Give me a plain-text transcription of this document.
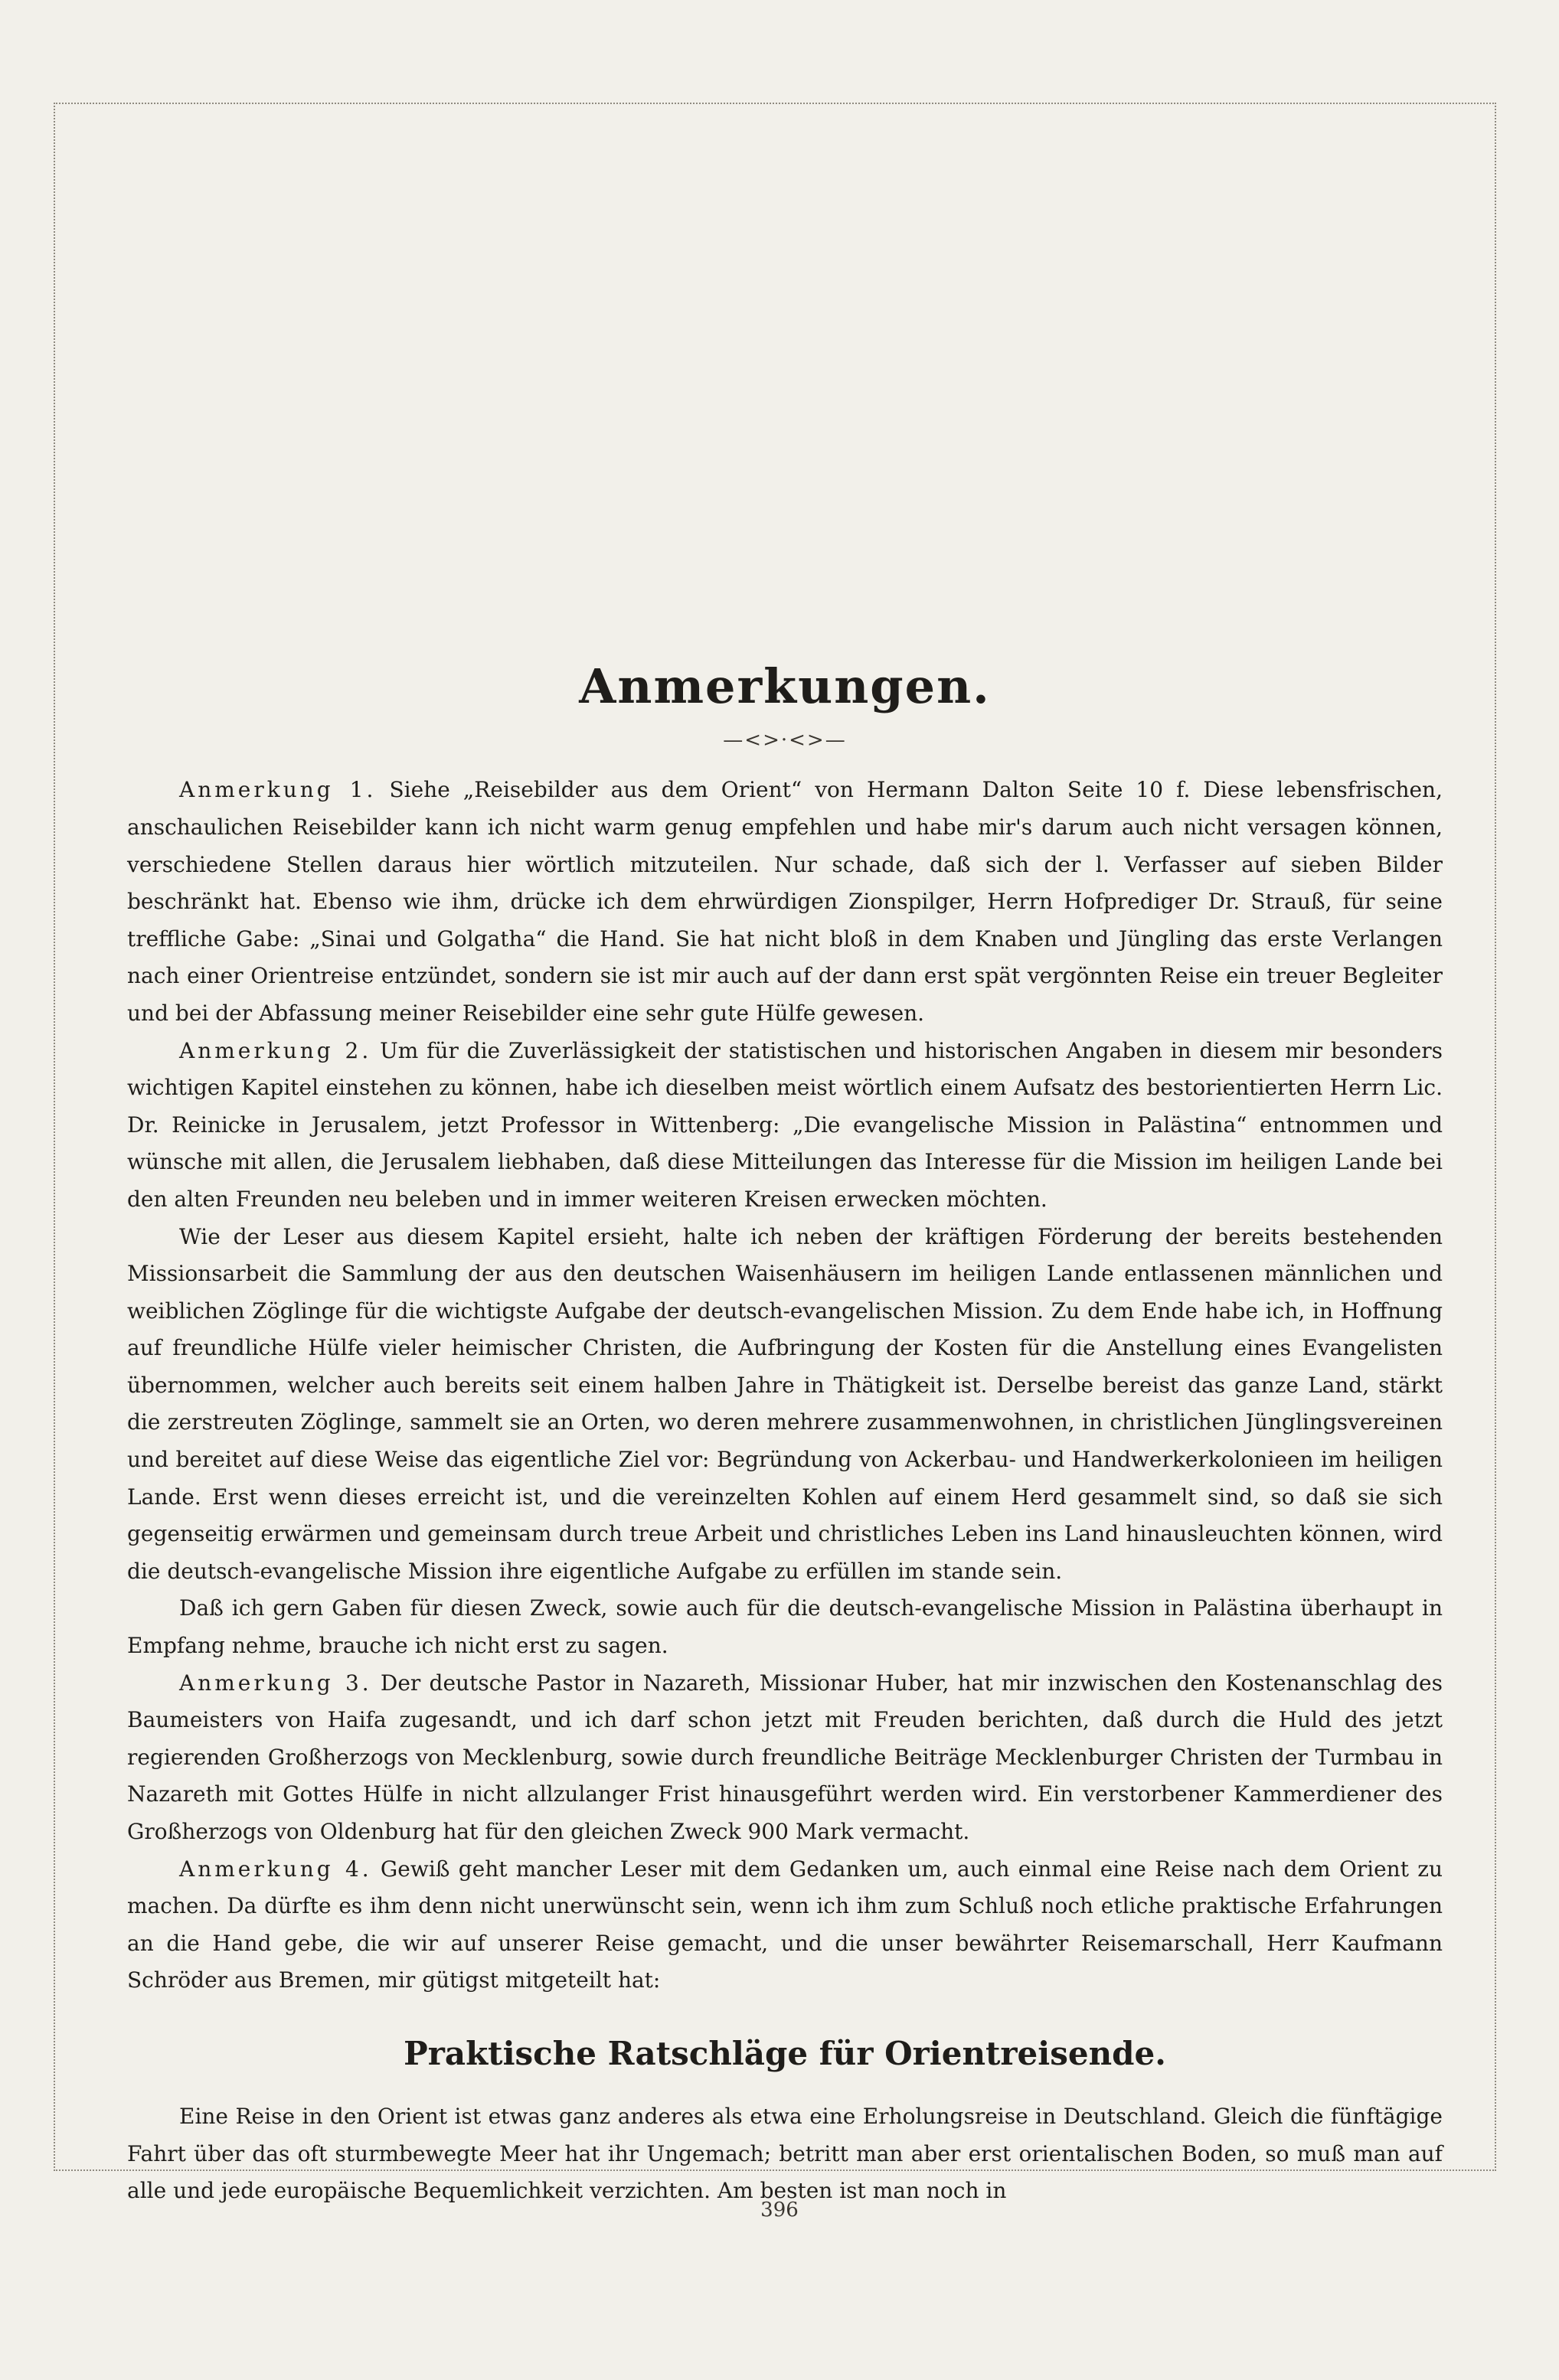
Anmerkungen.
—<>·<>—

Anmerkung 1. Siehe „Reisebilder aus dem Orient“ von Hermann Dalton Seite 10 f. Diese lebensfrischen, anschaulichen Reisebilder kann ich nicht warm genug empfehlen und habe mir's darum auch nicht versagen können, verschiedene Stellen daraus hier wörtlich mitzuteilen. Nur schade, daß sich der l. Verfasser auf sieben Bilder beschränkt hat. Ebenso wie ihm, drücke ich dem ehrwürdigen Zionspilger, Herrn Hofprediger Dr. Strauß, für seine treffliche Gabe: „Sinai und Golgatha“ die Hand. Sie hat nicht bloß in dem Knaben und Jüngling das erste Verlangen nach einer Orientreise entzündet, sondern sie ist mir auch auf der dann erst spät vergönnten Reise ein treuer Begleiter und bei der Abfassung meiner Reisebilder eine sehr gute Hülfe gewesen.

Anmerkung 2. Um für die Zuverlässigkeit der statistischen und historischen Angaben in diesem mir besonders wichtigen Kapitel einstehen zu können, habe ich dieselben meist wörtlich einem Aufsatz des bestorientierten Herrn Lic. Dr. Reinicke in Jerusalem, jetzt Professor in Wittenberg: „Die evangelische Mission in Palästina“ entnommen und wünsche mit allen, die Jerusalem liebhaben, daß diese Mitteilungen das Interesse für die Mission im heiligen Lande bei den alten Freunden neu beleben und in immer weiteren Kreisen erwecken möchten.

Wie der Leser aus diesem Kapitel ersieht, halte ich neben der kräftigen Förderung der bereits bestehenden Missionsarbeit die Sammlung der aus den deutschen Waisenhäusern im heiligen Lande entlassenen männlichen und weiblichen Zöglinge für die wichtigste Aufgabe der deutsch-evangelischen Mission. Zu dem Ende habe ich, in Hoffnung auf freundliche Hülfe vieler heimischer Christen, die Aufbringung der Kosten für die Anstellung eines Evangelisten übernommen, welcher auch bereits seit einem halben Jahre in Thätigkeit ist. Derselbe bereist das ganze Land, stärkt die zerstreuten Zöglinge, sammelt sie an Orten, wo deren mehrere zusammenwohnen, in christlichen Jünglingsvereinen und bereitet auf diese Weise das eigentliche Ziel vor: Begründung von Ackerbau- und Handwerkerkolonieen im heiligen Lande. Erst wenn dieses erreicht ist, und die vereinzelten Kohlen auf einem Herd gesammelt sind, so daß sie sich gegenseitig erwärmen und gemeinsam durch treue Arbeit und christliches Leben ins Land hinausleuchten können, wird die deutsch-evangelische Mission ihre eigentliche Aufgabe zu erfüllen im stande sein.

Daß ich gern Gaben für diesen Zweck, sowie auch für die deutsch-evangelische Mission in Palästina überhaupt in Empfang nehme, brauche ich nicht erst zu sagen.

Anmerkung 3. Der deutsche Pastor in Nazareth, Missionar Huber, hat mir inzwischen den Kostenanschlag des Baumeisters von Haifa zugesandt, und ich darf schon jetzt mit Freuden berichten, daß durch die Huld des jetzt regierenden Großherzogs von Mecklenburg, sowie durch freundliche Beiträge Mecklenburger Christen der Turmbau in Nazareth mit Gottes Hülfe in nicht allzulanger Frist hinausgeführt werden wird. Ein verstorbener Kammerdiener des Großherzogs von Oldenburg hat für den gleichen Zweck 900 Mark vermacht.

Anmerkung 4. Gewiß geht mancher Leser mit dem Gedanken um, auch einmal eine Reise nach dem Orient zu machen. Da dürfte es ihm denn nicht unerwünscht sein, wenn ich ihm zum Schluß noch etliche praktische Erfahrungen an die Hand gebe, die wir auf unserer Reise gemacht, und die unser bewährter Reisemarschall, Herr Kaufmann Schröder aus Bremen, mir gütigst mitgeteilt hat:

Praktische Ratschläge für Orientreisende.

Eine Reise in den Orient ist etwas ganz anderes als etwa eine Erholungsreise in Deutschland. Gleich die fünftägige Fahrt über das oft sturmbewegte Meer hat ihr Ungemach; betritt man aber erst orientalischen Boden, so muß man auf alle und jede europäische Bequemlichkeit verzichten. Am besten ist man noch in

396
